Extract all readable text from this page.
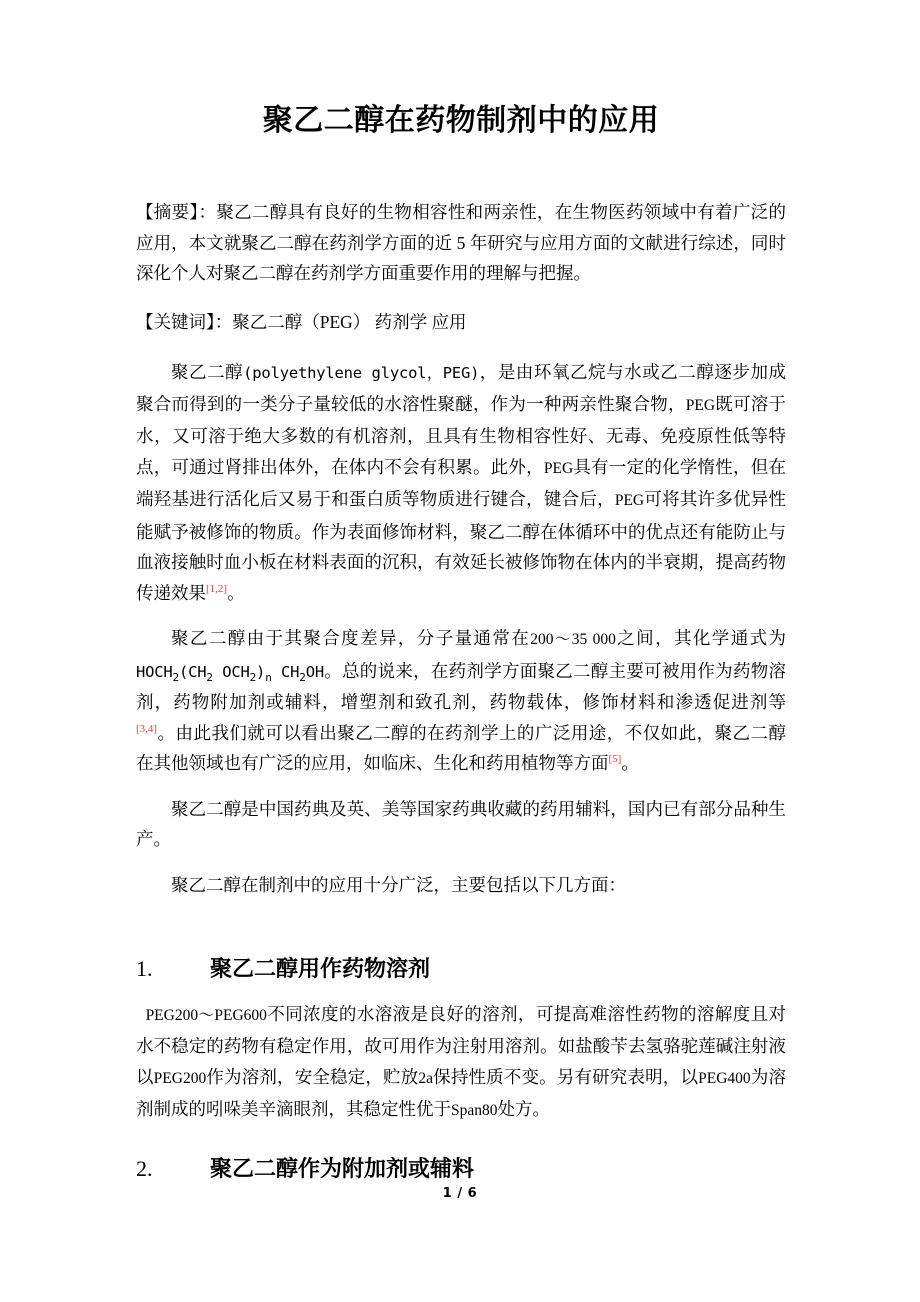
聚乙二醇在药物制剂中的应用

【摘要】：聚乙二醇具有良好的生物相容性和两亲性，在生物医药领域中有着广泛的应用，本文就聚乙二醇在药剂学方面的近 5 年研究与应用方面的文献进行综述，同时深化个人对聚乙二醇在药剂学方面重要作用的理解与把握。

【关键词】：聚乙二醇（PEG） 药剂学 应用

聚乙二醇(polyethylene glycol，PEG)，是由环氧乙烷与水或乙二醇逐步加成聚合而得到的一类分子量较低的水溶性聚醚，作为一种两亲性聚合物，PEG既可溶于水，又可溶于绝大多数的有机溶剂，且具有生物相容性好、无毒、免疫原性低等特点，可通过肾排出体外，在体内不会有积累。此外，PEG具有一定的化学惰性，但在端羟基进行活化后又易于和蛋白质等物质进行键合，键合后，PEG可将其许多优异性能赋予被修饰的物质。作为表面修饰材料，聚乙二醇在体循环中的优点还有能防止与血液接触时血小板在材料表面的沉积，有效延长被修饰物在体内的半衰期，提高药物传递效果[1,2]。

聚乙二醇由于其聚合度差异，分子量通常在200～35 000之间，其化学通式为$HOCH_2(CH_2$ $OCH_2)_n$ $CH_2OH$。总的说来，在药剂学方面聚乙二醇主要可被用作为药物溶剂，药物附加剂或辅料，增塑剂和致孔剂，药物载体，修饰材料和渗透促进剂等[3,4]。由此我们就可以看出聚乙二醇的在药剂学上的广泛用途，不仅如此，聚乙二醇在其他领域也有广泛的应用，如临床、生化和药用植物等方面[5]。

聚乙二醇是中国药典及英、美等国家药典收藏的药用辅料，国内已有部分品种生产。

聚乙二醇在制剂中的应用十分广泛，主要包括以下几方面：

1.	聚乙二醇用作药物溶剂

PEG200～PEG600不同浓度的水溶液是良好的溶剂，可提高难溶性药物的溶解度且对水不稳定的药物有稳定作用，故可用作为注射用溶剂。如盐酸苄去氢骆驼莲碱注射液以PEG200作为溶剂，安全稳定，贮放2a保持性质不变。另有研究表明，以PEG400为溶剂制成的吲哚美辛滴眼剂，其稳定性优于Span80处方。

2.	聚乙二醇作为附加剂或辅料
1 / 6
